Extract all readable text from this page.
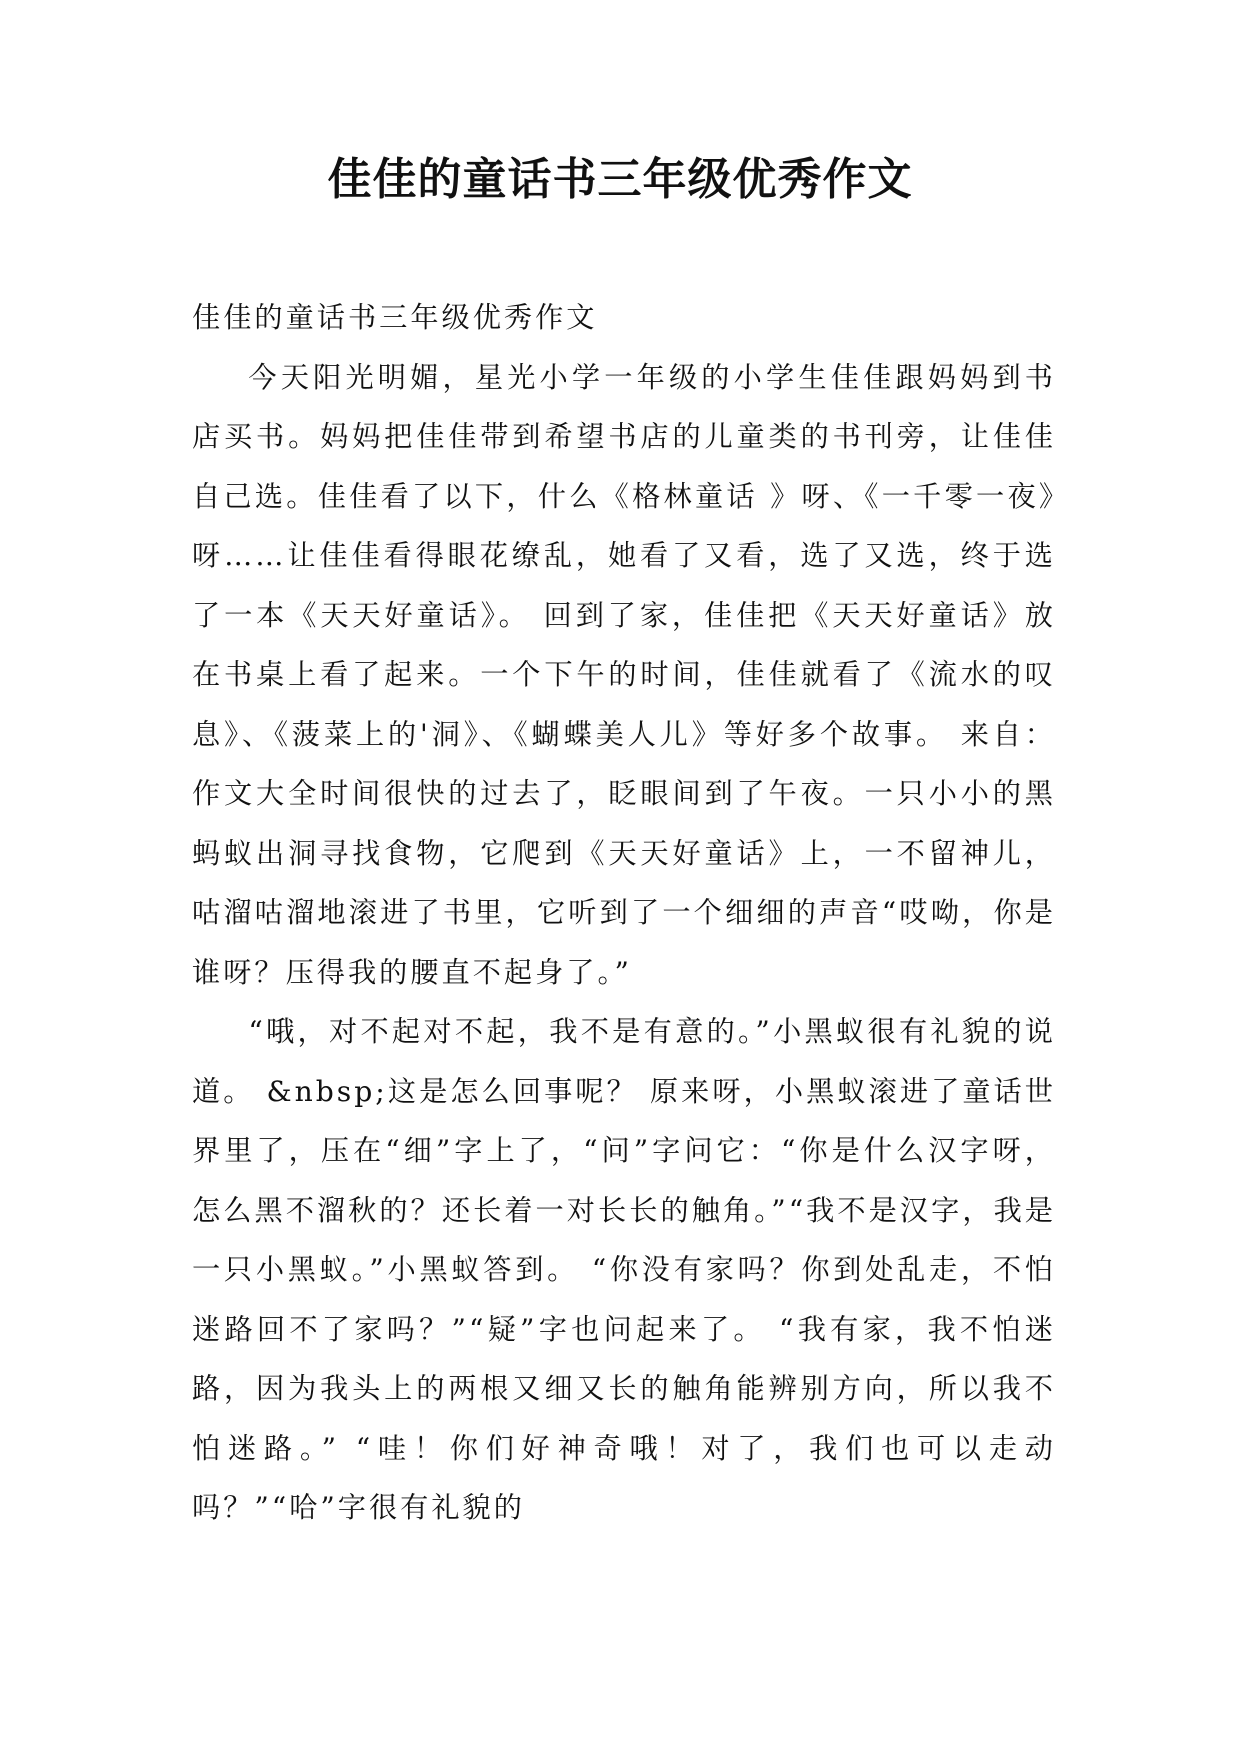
佳佳的童话书三年级优秀作文

佳佳的童话书三年级优秀作文

今天阳光明媚，星光小学一年级的小学生佳佳跟妈妈到书店买书。妈妈把佳佳带到希望书店的儿童类的书刊旁，让佳佳自己选。佳佳看了以下，什么《格林童话 》呀、《一千零一夜》呀……让佳佳看得眼花缭乱，她看了又看，选了又选，终于选了一本《天天好童话》。 回到了家，佳佳把《天天好童话》放在书桌上看了起来。一个下午的时间，佳佳就看了《流水的叹息》、《菠菜上的'洞》、《蝴蝶美人儿》等好多个故事。 来自：作文大全时间很快的过去了，眨眼间到了午夜。一只小小的黑蚂蚁出洞寻找食物，它爬到《天天好童话》上，一不留神儿，咕溜咕溜地滚进了书里，它听到了一个细细的声音“哎呦，你是谁呀？压得我的腰直不起身了。”

“哦，对不起对不起，我不是有意的。”小黑蚁很有礼貌的说道。 &nbsp;这是怎么回事呢？ 原来呀，小黑蚁滚进了童话世界里了，压在“细”字上了，“问”字问它：“你是什么汉字呀，怎么黑不溜秋的？还长着一对长长的触角。”“我不是汉字，我是一只小黑蚁。”小黑蚁答到。 “你没有家吗？你到处乱走，不怕迷路回不了家吗？”“疑”字也问起来了。 “我有家，我不怕迷路，因为我头上的两根又细又长的触角能辨别方向，所以我不怕迷路。” “哇！你们好神奇哦！对了，我们也可以走动吗？”“哈”字很有礼貌的
